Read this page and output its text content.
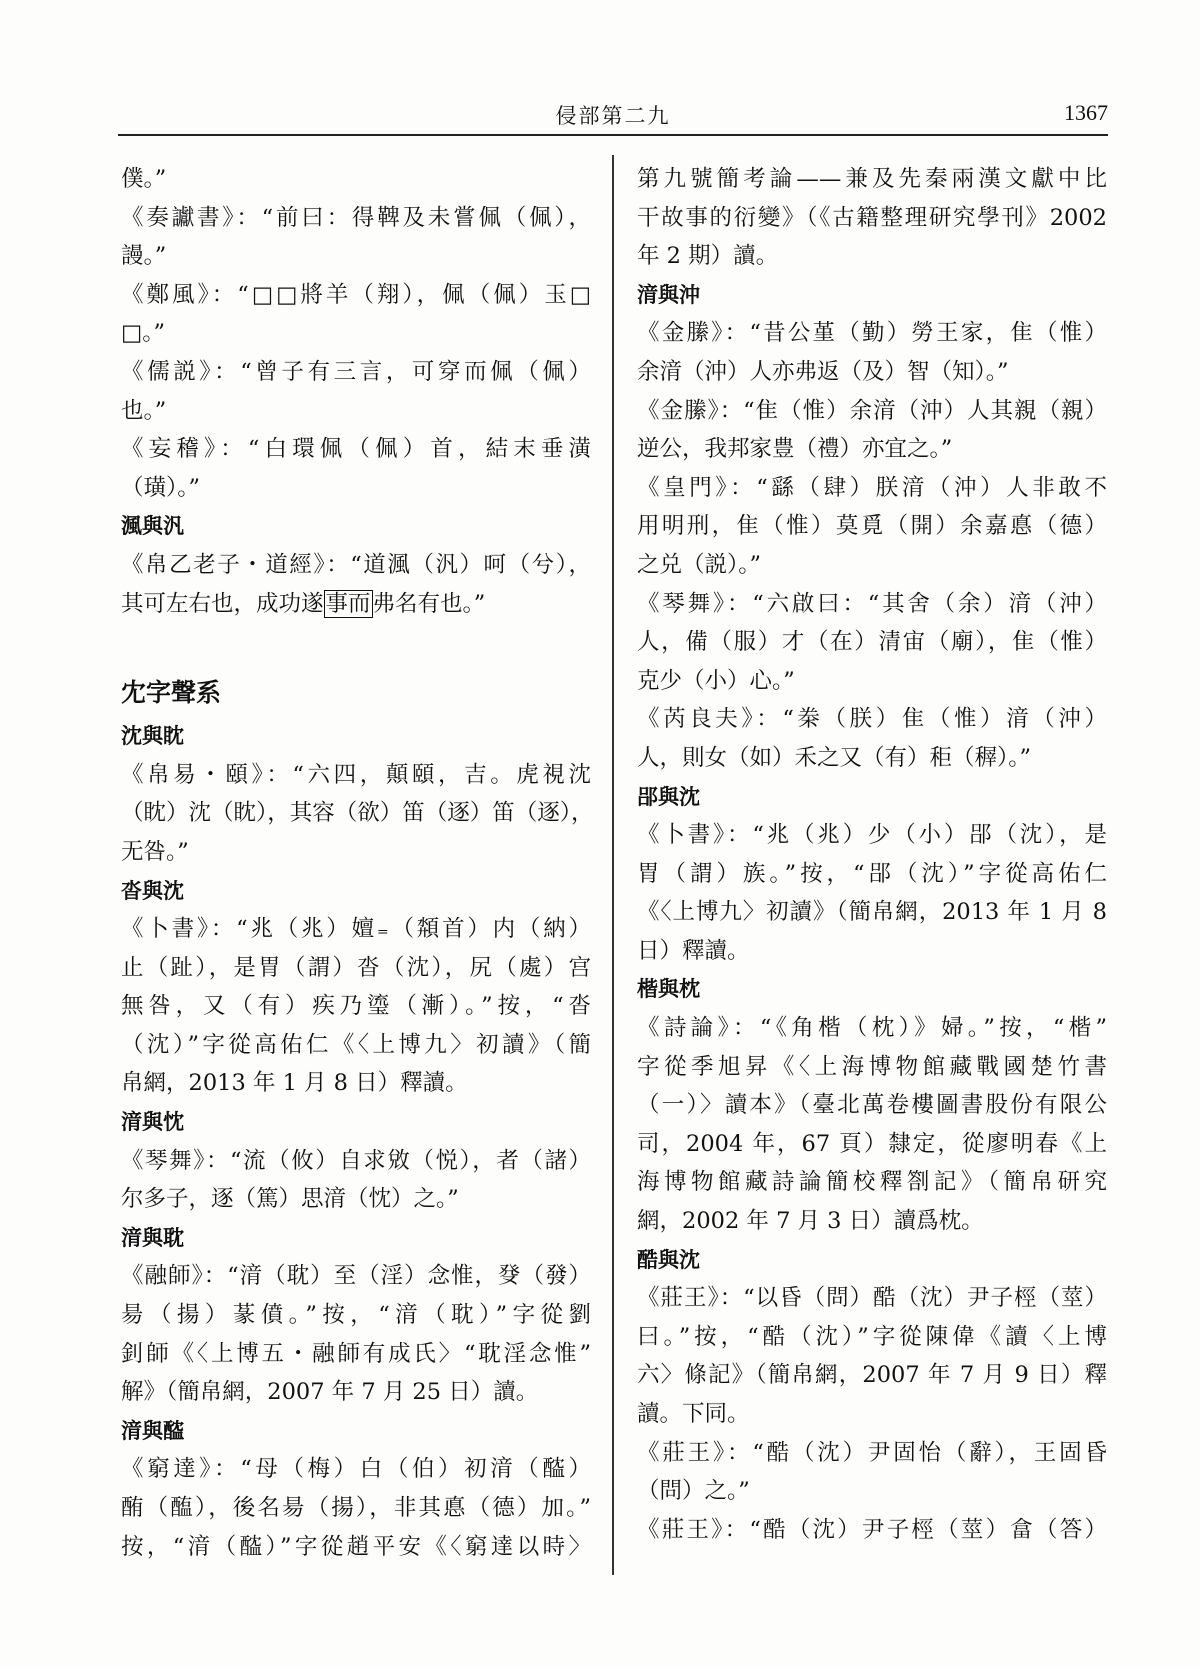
侵部第二九	1367
僕。”
《奏讞書》：“前曰：得鞞及未嘗佩（佩），
謾。”
《鄭風》：“□□將羊（翔），佩（佩）玉□
□。”
《儒説》：“曾子有三言，可穿而佩（佩）
也。”
《妄稽》：“白環佩（佩）首，結末垂潢
（璜）。”
渢與汎
《帛乙老子・道經》：“道渢（汎）呵（兮），
其可左右也，成功遂事而弗名有也。”
冘字聲系
沈與眈
《帛易・頤》：“六四，顛頤，吉。虎視沈
（眈）沈（眈），其容（欲）笛（逐）笛（逐），
无咎。”
沓與沈
《卜書》：“兆（兆）嬗₌（頮首）内（納）
止（趾），是胃（謂）沓（沈），尻（處）宫
無咎，又（有）疾乃瑬（漸）。”按，“沓
（沈）”字從高佑仁《〈上博九〉初讀》（簡
帛網，2013 年 1 月 8 日）釋讀。
湇與忱
《琴舞》：“流（攸）自求敓（悦），者（諸）
尔多子，逐（篤）思湇（忱）之。”
湇與耽
《融師》：“湇（耽）至（淫）念惟，癹（發）
昜（揚）蒃僨。”按，“湇（耽）”字從劉
釗師《〈上博五・融師有成氏〉“耽淫念惟”
解》（簡帛網，2007 年 7 月 25 日）讀。
湇與醓
《窮達》：“母（梅）白（伯）初湇（醓）
酭（醢），後名昜（揚），非其悳（德）加。”
按，“湇（醓）”字從趙平安《〈窮達以時〉
第九號簡考論——兼及先秦兩漢文獻中比
干故事的衍變》（《古籍整理研究學刊》2002
年 2 期）讀。
湇與沖
《金縢》：“昔公堇（勤）勞王家，隹（惟）
余湇（沖）人亦弗返（及）智（知）。”
《金縢》：“隹（惟）余湇（沖）人其親（親）
逆公，我邦家豊（禮）亦宜之。”
《皇門》：“繇（肆）朕湇（沖）人非敢不
用明刑，隹（惟）莫覓（開）余嘉悳（德）
之兑（説）。”
《琴舞》：“六啟曰：“其舍（余）湇（沖）
人，備（服）才（在）清宙（廟），隹（惟）
克少（小）心。”
《芮良夫》：“桊（朕）隹（惟）湇（沖）
人，則女（如）禾之又（有）秬（稺）。”
郘與沈
《卜書》：“兆（兆）少（小）郘（沈），是
胃（謂）族。”按，“郘（沈）”字從高佑仁
《〈上博九〉初讀》（簡帛網，2013 年 1 月 8
日）釋讀。
楷與枕
《詩論》：“《角楷（枕）》婦。”按，“楷”
字從季旭昇《〈上海博物館藏戰國楚竹書
（一）〉讀本》（臺北萬卷樓圖書股份有限公
司，2004 年，67 頁）隸定，從廖明春《上
海博物館藏詩論簡校釋劄記》（簡帛研究
網，2002 年 7 月 3 日）讀爲枕。
酷與沈
《莊王》：“以昏（問）酷（沈）尹子桱（莖）
曰。”按，“酷（沈）”字從陳偉《讀〈上博
六〉條記》（簡帛網，2007 年 7 月 9 日）釋
讀。下同。
《莊王》：“酷（沈）尹固怡（辭），王固昏
（問）之。”
《莊王》：“酷（沈）尹子桱（莖）畣（答）
